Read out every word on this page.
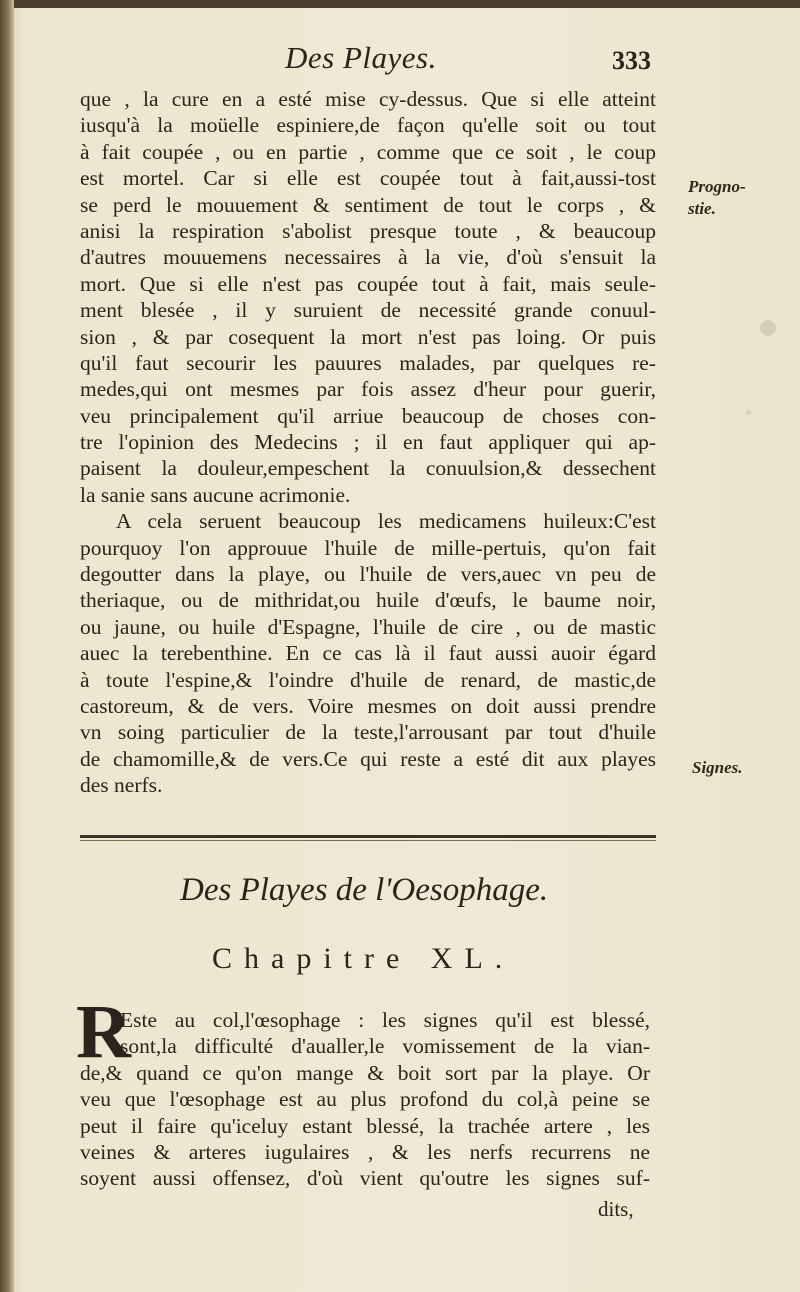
Des Playes.	333
que , la cure en a esté mise cy-dessus. Que si elle atteint
iusqu'à la moüelle espiniere,de façon qu'elle soit ou tout
à fait coupée , ou en partie , comme que ce soit , le coup
est mortel. Car si elle est coupée tout à fait,aussi-tost
se perd le mouuement & sentiment de tout le corps , &
anisi la respiration s'abolist presque toute , & beaucoup
d'autres mouuemens necessaires à la vie, d'où s'ensuit la
mort. Que si elle n'est pas coupée tout à fait, mais seule-
ment blesée , il y suruient de necessité grande conuul-
sion , & par cosequent la mort n'est pas loing. Or puis
qu'il faut secourir les pauures malades, par quelques re-
medes,qui ont mesmes par fois assez d'heur pour guerir,
veu principalement qu'il arriue beaucoup de choses con-
tre l'opinion des Medecins ; il en faut appliquer qui ap-
paisent la douleur,empeschent la conuulsion,& dessechent
la sanie sans aucune acrimonie.
A cela seruent beaucoup les medicamens huileux:C'est
pourquoy l'on approuue l'huile de mille-pertuis, qu'on fait
degoutter dans la playe, ou l'huile de vers,auec vn peu de
theriaque, ou de mithridat,ou huile d'œufs, le baume noir,
ou jaune, ou huile d'Espagne, l'huile de cire , ou de mastic
auec la terebenthine. En ce cas là il faut aussi auoir égard
à toute l'espine,& l'oindre d'huile de renard, de mastic,de
castoreum, & de vers. Voire mesmes on doit aussi prendre
vn soing particulier de la teste,l'arrousant par tout d'huile
de chamomille,& de vers.Ce qui reste a esté dit aux playes
des nerfs.
Progno-
stie.
Signes.
Des Playes de l'Oesophage.
Chapitre XL.
R
Este au col,l'œsophage : les signes qu'il est blessé,
sont,la difficulté d'aualler,le vomissement de la vian-
de,& quand ce qu'on mange & boit sort par la playe. Or
veu que l'œsophage est au plus profond du col,à peine se
peut il faire qu'iceluy estant blessé, la trachée artere , les
veines & arteres iugulaires , & les nerfs recurrens ne
soyent aussi offensez, d'où vient qu'outre les signes suf-
dits,
